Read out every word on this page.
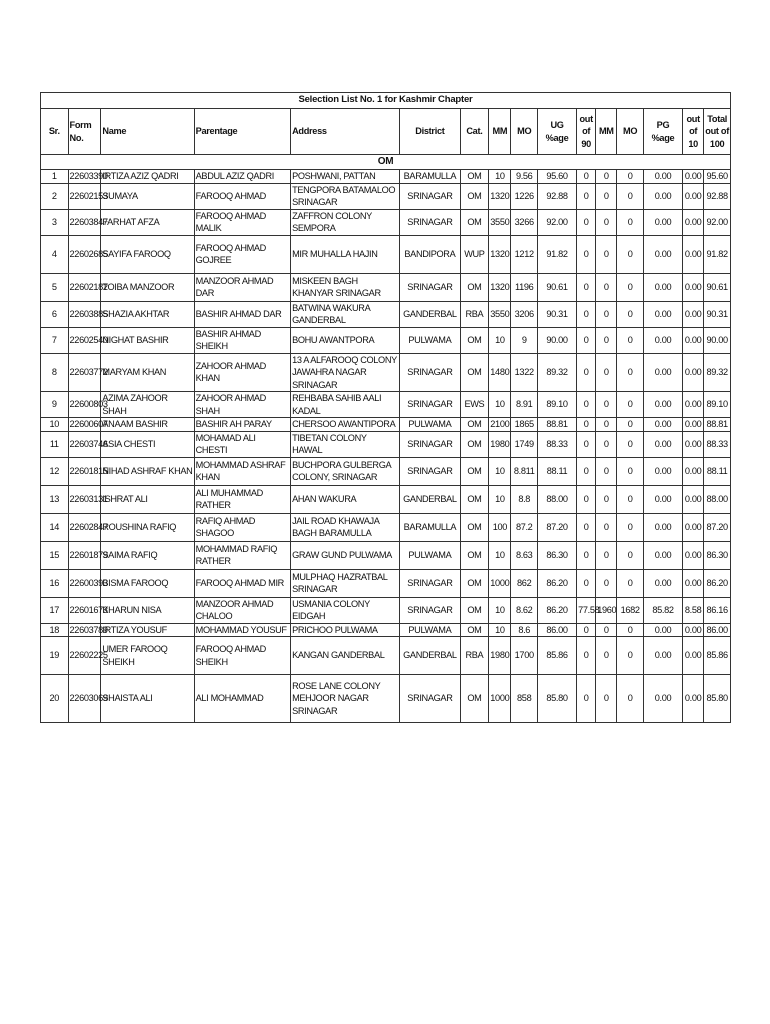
Selection List No. 1 for Kashmir Chapter															
Sr.	Form No.	Name	Parentage	Address	District	Cat.	MM	MO	UG %age	out of 90	MM	MO	PG %age	out of 10	Total out of 100
OM															
1	22603390	IRTIZA AZIZ QADRI	ABDUL AZIZ QADRI	POSHWANI, PATTAN	BARAMULLA	OM	10	9.56	95.60	0	0	0	0.00	0.00	95.60
2	22602153	SUMAYA	FAROOQ AHMAD	TENGPORA BATAMALOO SRINAGAR	SRINAGAR	OM	1320	1226	92.88	0	0	0	0.00	0.00	92.88
3	22603847	FARHAT AFZA	FAROOQ AHMAD MALIK	ZAFFRON COLONY SEMPORA	SRINAGAR	OM	3550	3266	92.00	0	0	0	0.00	0.00	92.00
4	22602685	SAYIFA FAROOQ	FAROOQ AHMAD GOJREE	MIR MUHALLA HAJIN	BANDIPORA	WUP	1320	1212	91.82	0	0	0	0.00	0.00	91.82
5	22602182	TOIBA MANZOOR	MANZOOR AHMAD DAR	MISKEEN BAGH KHANYAR SRINAGAR	SRINAGAR	OM	1320	1196	90.61	0	0	0	0.00	0.00	90.61
6	22603885	SHAZIA AKHTAR	BASHIR AHMAD DAR	BATWINA WAKURA GANDERBAL	GANDERBAL	RBA	3550	3206	90.31	0	0	0	0.00	0.00	90.31
7	22602540	NIGHAT BASHIR	BASHIR AHMAD SHEIKH	BOHU AWANTPORA	PULWAMA	OM	10	9	90.00	0	0	0	0.00	0.00	90.00
8	22603772	MARYAM KHAN	ZAHOOR AHMAD KHAN	13 A ALFAROOQ COLONY JAWAHRA NAGAR SRINAGAR	SRINAGAR	OM	1480	1322	89.32	0	0	0	0.00	0.00	89.32
9	22600803	AZIMA ZAHOOR SHAH	ZAHOOR AHMAD SHAH	REHBABA SAHIB AALI KADAL	SRINAGAR	EWS	10	8.91	89.10	0	0	0	0.00	0.00	89.10
10	22600607	ANAAM BASHIR	BASHIR AH PARAY	CHERSOO AWANTIPORA	PULWAMA	OM	2100	1865	88.81	0	0	0	0.00	0.00	88.81
11	22603746	ASIA CHESTI	MOHAMAD ALI CHESTI	TIBETAN COLONY HAWAL	SRINAGAR	OM	1980	1749	88.33	0	0	0	0.00	0.00	88.33
12	22601815	NIHAD ASHRAF KHAN	MOHAMMAD ASHRAF KHAN	BUCHPORA GULBERGA COLONY, SRINAGAR	SRINAGAR	OM	10	8.811	88.11	0	0	0	0.00	0.00	88.11
13	22603131	ISHRAT ALI	ALI MUHAMMAD RATHER	AHAN WAKURA	GANDERBAL	OM	10	8.8	88.00	0	0	0	0.00	0.00	88.00
14	22602847	ROUSHINA RAFIQ	RAFIQ AHMAD SHAGOO	JAIL ROAD KHAWAJA BAGH BARAMULLA	BARAMULLA	OM	100	87.2	87.20	0	0	0	0.00	0.00	87.20
15	22601879	SAIMA RAFIQ	MOHAMMAD RAFIQ RATHER	GRAW GUND PULWAMA	PULWAMA	OM	10	8.63	86.30	0	0	0	0.00	0.00	86.30
16	22600393	BISMA FAROOQ	FAROOQ AHMAD MIR	MULPHAQ HAZRATBAL SRINAGAR	SRINAGAR	OM	1000	862	86.20	0	0	0	0.00	0.00	86.20
17	22601673	KHARUN NISA	MANZOOR AHMAD CHALOO	USMANIA COLONY EIDGAH	SRINAGAR	OM	10	8.62	86.20	77.58	1960	1682	85.82	8.58	86.16
18	22603789	IRTIZA YOUSUF	MOHAMMAD YOUSUF	PRICHOO PULWAMA	PULWAMA	OM	10	8.6	86.00	0	0	0	0.00	0.00	86.00
19	22602225	UMER FAROOQ SHEIKH	FAROOQ AHMAD SHEIKH	KANGAN GANDERBAL	GANDERBAL	RBA	1980	1700	85.86	0	0	0	0.00	0.00	85.86
20	22603069	SHAISTA ALI	ALI MOHAMMAD	ROSE LANE COLONY MEHJOOR NAGAR SRINAGAR	SRINAGAR	OM	1000	858	85.80	0	0	0	0.00	0.00	85.80
